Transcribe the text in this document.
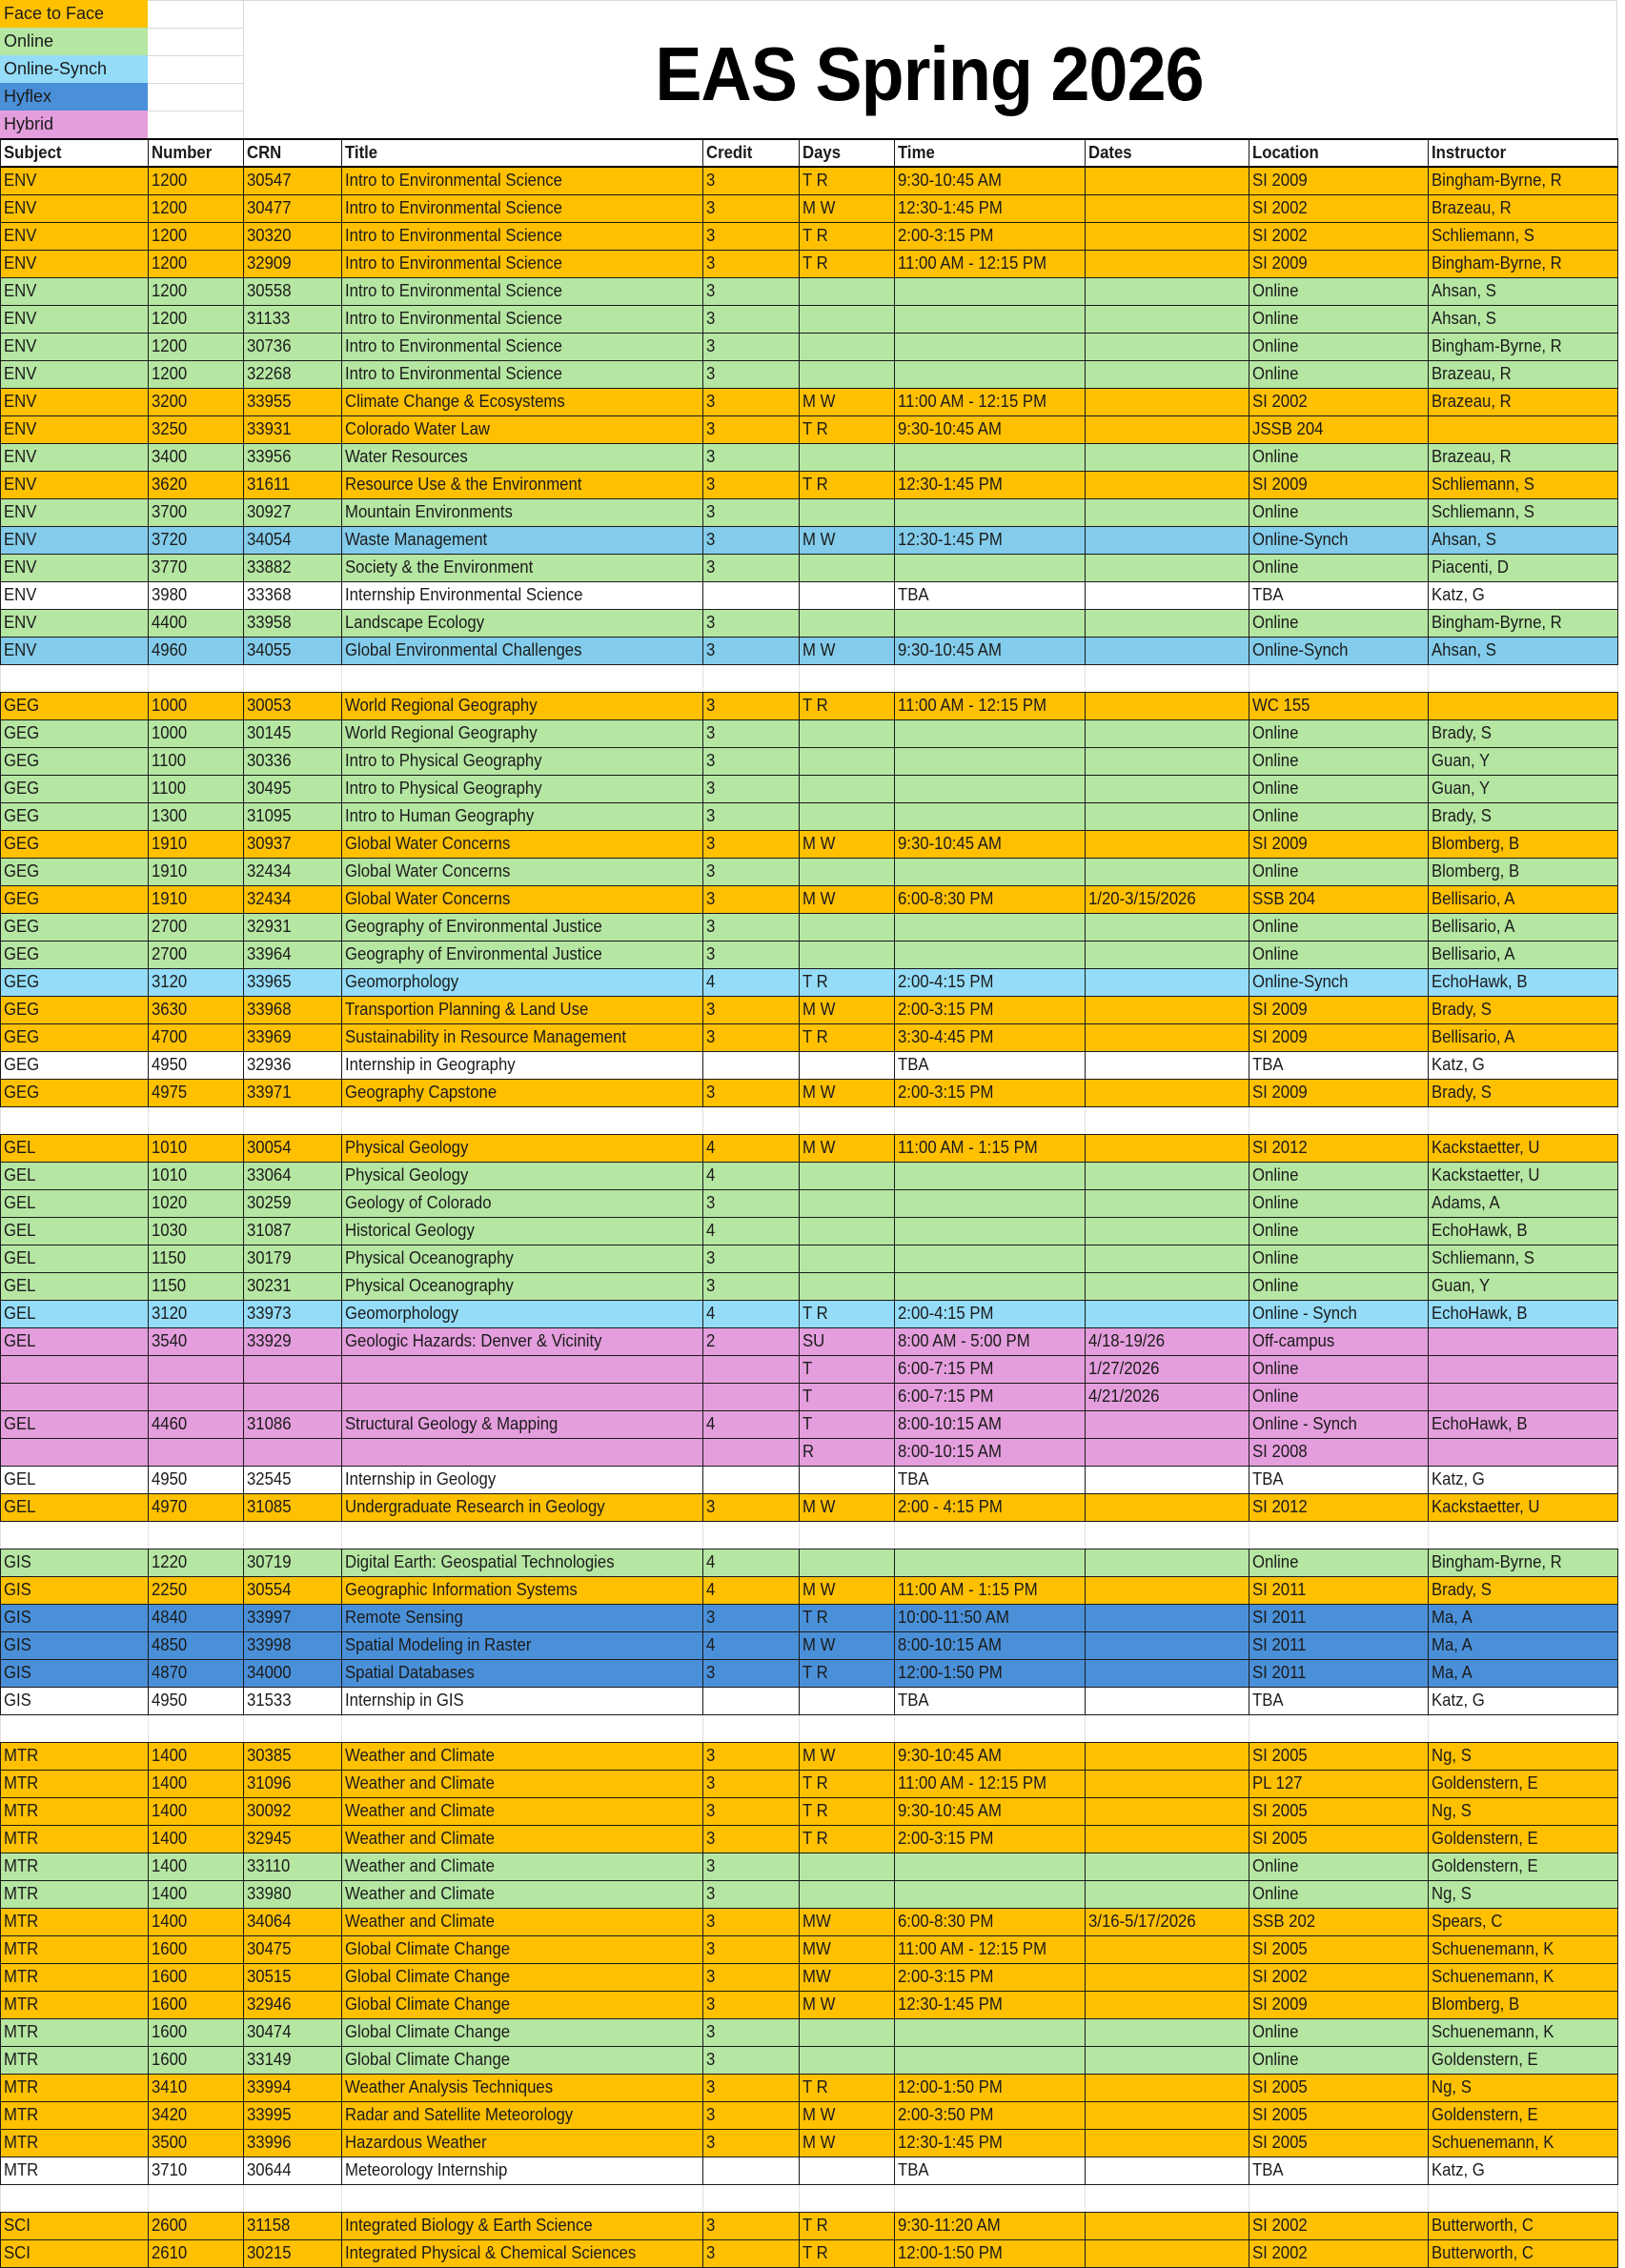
Face to Face
Online
Online-Synch
Hyflex
Hybrid
EAS Spring 2026
Subject	Number	CRN	Title	Credit	Days	Time	Dates	Location	Instructor
ENV	1200	30547	Intro to Environmental Science	3	T R	9:30-10:45 AM		SI 2009	Bingham-Byrne, R
ENV	1200	30477	Intro to Environmental Science	3	M W	12:30-1:45 PM		SI 2002	Brazeau, R
ENV	1200	30320	Intro to Environmental Science	3	T R	2:00-3:15 PM		SI 2002	Schliemann, S
ENV	1200	32909	Intro to Environmental Science	3	T R	11:00 AM - 12:15 PM		SI 2009	Bingham-Byrne, R
ENV	1200	30558	Intro to Environmental Science	3				Online	Ahsan, S
ENV	1200	31133	Intro to Environmental Science	3				Online	Ahsan, S
ENV	1200	30736	Intro to Environmental Science	3				Online	Bingham-Byrne, R
ENV	1200	32268	Intro to Environmental Science	3				Online	Brazeau, R
ENV	3200	33955	Climate Change & Ecosystems	3	M W	11:00 AM - 12:15 PM		SI 2002	Brazeau, R
ENV	3250	33931	Colorado Water Law	3	T R	9:30-10:45 AM		JSSB 204	
ENV	3400	33956	Water Resources	3				Online	Brazeau, R
ENV	3620	31611	Resource Use & the Environment	3	T R	12:30-1:45 PM		SI 2009	Schliemann, S
ENV	3700	30927	Mountain Environments	3				Online	Schliemann, S
ENV	3720	34054	Waste Management	3	M W	12:30-1:45 PM		Online-Synch	Ahsan, S
ENV	3770	33882	Society & the Environment	3				Online	Piacenti, D
ENV	3980	33368	Internship Environmental Science			TBA		TBA	Katz, G
ENV	4400	33958	Landscape Ecology	3				Online	Bingham-Byrne, R
ENV	4960	34055	Global Environmental Challenges	3	M W	9:30-10:45 AM		Online-Synch	Ahsan, S

GEG	1000	30053	World Regional Geography	3	T R	11:00 AM - 12:15 PM		WC 155	
GEG	1000	30145	World Regional Geography	3				Online	Brady, S
GEG	1100	30336	Intro to Physical Geography	3				Online	Guan, Y
GEG	1100	30495	Intro to Physical Geography	3				Online	Guan, Y
GEG	1300	31095	Intro to Human Geography	3				Online	Brady, S
GEG	1910	30937	Global Water Concerns	3	M W	9:30-10:45 AM		SI 2009	Blomberg, B
GEG	1910	32434	Global Water Concerns	3				Online	Blomberg, B
GEG	1910	32434	Global Water Concerns	3	M W	6:00-8:30 PM	1/20-3/15/2026	SSB 204	Bellisario, A
GEG	2700	32931	Geography of Environmental Justice	3				Online	Bellisario, A
GEG	2700	33964	Geography of Environmental Justice	3				Online	Bellisario, A
GEG	3120	33965	Geomorphology	4	T R	2:00-4:15 PM		Online-Synch	EchoHawk, B
GEG	3630	33968	Transportion Planning & Land Use	3	M W	2:00-3:15 PM		SI 2009	Brady, S
GEG	4700	33969	Sustainability in Resource Management	3	T R	3:30-4:45 PM		SI 2009	Bellisario, A
GEG	4950	32936	Internship in Geography			TBA		TBA	Katz, G
GEG	4975	33971	Geography Capstone	3	M W	2:00-3:15 PM		SI 2009	Brady, S

GEL	1010	30054	Physical Geology	4	M W	11:00 AM - 1:15 PM		SI 2012	Kackstaetter, U
GEL	1010	33064	Physical Geology	4				Online	Kackstaetter, U
GEL	1020	30259	Geology of Colorado	3				Online	Adams, A
GEL	1030	31087	Historical Geology	4				Online	EchoHawk, B
GEL	1150	30179	Physical Oceanography	3				Online	Schliemann, S
GEL	1150	30231	Physical Oceanography	3				Online	Guan, Y
GEL	3120	33973	Geomorphology	4	T R	2:00-4:15 PM		Online - Synch	EchoHawk, B
GEL	3540	33929	Geologic Hazards: Denver & Vicinity	2	SU	8:00 AM - 5:00 PM	4/18-19/26	Off-campus	
					T	6:00-7:15 PM	1/27/2026	Online	
					T	6:00-7:15 PM	4/21/2026	Online	
GEL	4460	31086	Structural Geology & Mapping	4	T	8:00-10:15 AM		Online - Synch	EchoHawk, B
					R	8:00-10:15 AM		SI 2008	
GEL	4950	32545	Internship in Geology			TBA		TBA	Katz, G
GEL	4970	31085	Undergraduate Research in Geology	3	M W	2:00 - 4:15 PM		SI 2012	Kackstaetter, U

GIS	1220	30719	Digital Earth: Geospatial Technologies	4				Online	Bingham-Byrne, R
GIS	2250	30554	Geographic Information Systems	4	M W	11:00 AM - 1:15 PM		SI 2011	Brady, S
GIS	4840	33997	Remote Sensing	3	T R	10:00-11:50 AM		SI 2011	Ma, A
GIS	4850	33998	Spatial Modeling in Raster	4	M W	8:00-10:15 AM		SI 2011	Ma, A
GIS	4870	34000	Spatial Databases	3	T R	12:00-1:50 PM		SI 2011	Ma, A
GIS	4950	31533	Internship in GIS			TBA		TBA	Katz, G

MTR	1400	30385	Weather and Climate	3	M W	9:30-10:45 AM		SI 2005	Ng, S
MTR	1400	31096	Weather and Climate	3	T R	11:00 AM - 12:15 PM		PL 127	Goldenstern, E
MTR	1400	30092	Weather and Climate	3	T R	9:30-10:45 AM		SI 2005	Ng, S
MTR	1400	32945	Weather and Climate	3	T R	2:00-3:15 PM		SI 2005	Goldenstern, E
MTR	1400	33110	Weather and Climate	3				Online	Goldenstern, E
MTR	1400	33980	Weather and Climate	3				Online	Ng, S
MTR	1400	34064	Weather and Climate	3	MW	6:00-8:30 PM	3/16-5/17/2026	SSB 202	Spears, C
MTR	1600	30475	Global Climate Change	3	MW	11:00 AM - 12:15 PM		SI 2005	Schuenemann, K
MTR	1600	30515	Global Climate Change	3	MW	2:00-3:15 PM		SI 2002	Schuenemann, K
MTR	1600	32946	Global Climate Change	3	M W	12:30-1:45 PM		SI 2009	Blomberg, B
MTR	1600	30474	Global Climate Change	3				Online	Schuenemann, K
MTR	1600	33149	Global Climate Change	3				Online	Goldenstern, E
MTR	3410	33994	Weather Analysis Techniques	3	T R	12:00-1:50 PM		SI 2005	Ng, S
MTR	3420	33995	Radar and Satellite Meteorology	3	M W	2:00-3:50 PM		SI 2005	Goldenstern, E
MTR	3500	33996	Hazardous Weather	3	M W	12:30-1:45 PM		SI 2005	Schuenemann, K
MTR	3710	30644	Meteorology Internship			TBA		TBA	Katz, G

SCI	2600	31158	Integrated Biology & Earth Science	3	T R	9:30-11:20 AM		SI 2002	Butterworth, C
SCI	2610	30215	Integrated Physical & Chemical Sciences	3	T R	12:00-1:50 PM		SI 2002	Butterworth, C
